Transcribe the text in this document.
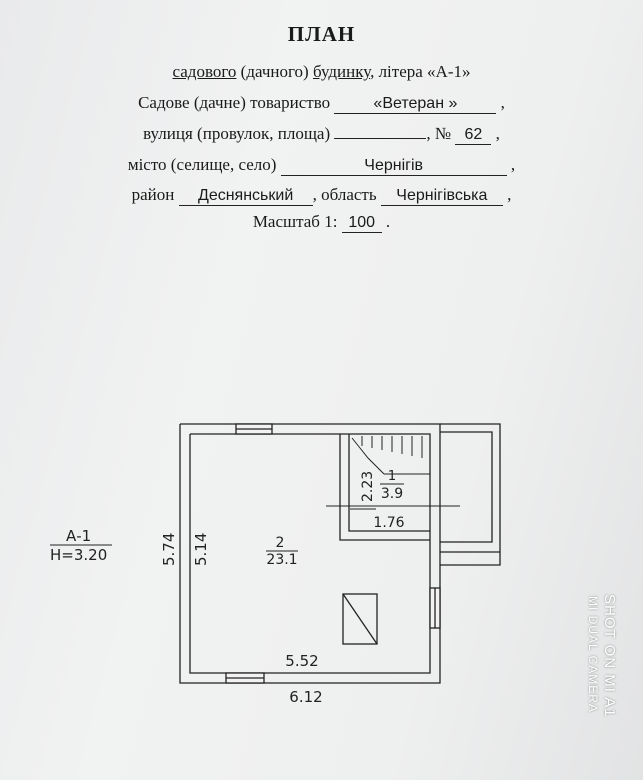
ПЛАН
садового (дачного) будинку, літера «А-1»
Садове (дачне) товариство	«Ветеран »	,
вулиця (провулок, площа)	, № 62 ,
місто (селище, село)	Чернігів	,
район Деснянський , область Чернігівська ,
Масштаб 1: 100 .
А-1
Н=3.20	5.74 5.14	2
23.1
2.23 1
3.9
1.76
5.52
6.12	SHOT ON MI A1
MI DUAL CAMERA
